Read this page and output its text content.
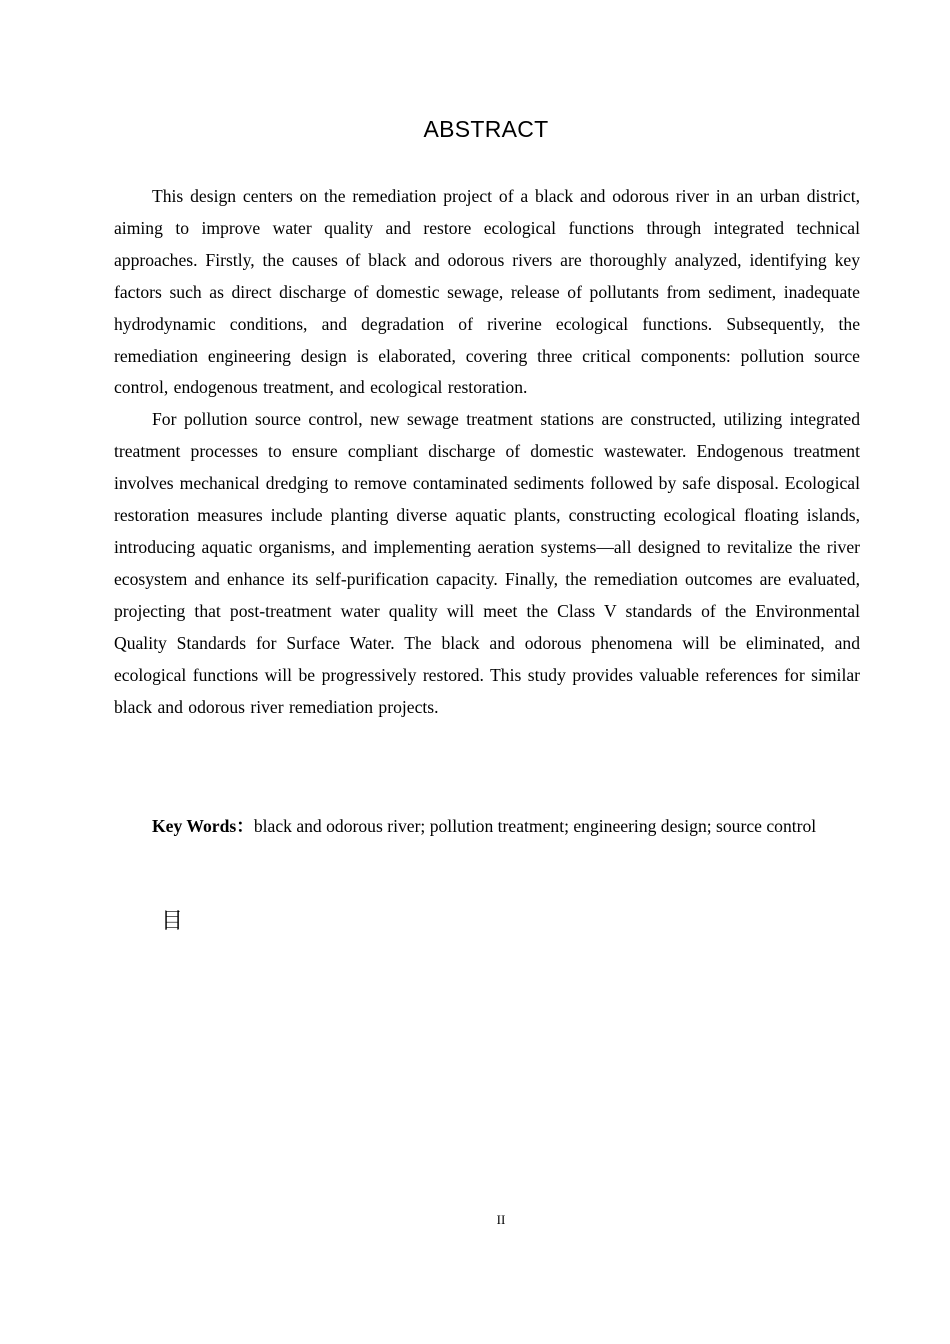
ABSTRACT

This design centers on the remediation project of a black and odorous river in an urban district, aiming to improve water quality and restore ecological functions through integrated technical approaches. Firstly, the causes of black and odorous rivers are thoroughly analyzed, identifying key factors such as direct discharge of domestic sewage, release of pollutants from sediment, inadequate hydrodynamic conditions, and degradation of riverine ecological functions. Subsequently, the remediation engineering design is elaborated, covering three critical components: pollution source control, endogenous treatment, and ecological restoration.

For pollution source control, new sewage treatment stations are constructed, utilizing integrated treatment processes to ensure compliant discharge of domestic wastewater. Endogenous treatment involves mechanical dredging to remove contaminated sediments followed by safe disposal. Ecological restoration measures include planting diverse aquatic plants, constructing ecological floating islands, introducing aquatic organisms, and implementing aeration systems—all designed to revitalize the river ecosystem and enhance its self-purification capacity. Finally, the remediation outcomes are evaluated, projecting that post-treatment water quality will meet the Class V standards of the Environmental Quality Standards for Surface Water. The black and odorous phenomena will be eliminated, and ecological functions will be progressively restored. This study provides valuable references for similar black and odorous river remediation projects.

Key Words：black and odorous river; pollution treatment; engineering design; source control
目
II
